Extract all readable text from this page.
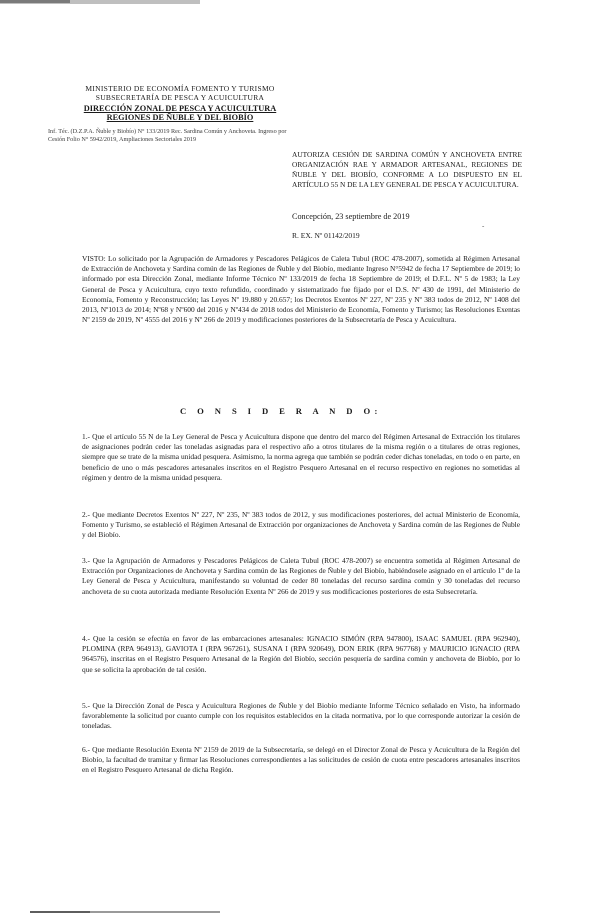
MINISTERIO DE ECONOMÍA FOMENTO Y TURISMO
SUBSECRETARÍA DE PESCA Y ACUICULTURA
DIRECCIÓN ZONAL DE PESCA Y ACUICULTURA
REGIONES DE ÑUBLE Y DEL BIOBÍO
Inf. Téc. (D.Z.P.A. Ñuble y Biobío) N° 133/2019 Rec. Sardina Común y Anchoveta. Ingreso por Cesión Folio N° 5942/2019, Ampliaciones Sectoriales 2019
AUTORIZA CESIÓN DE SARDINA COMÚN Y ANCHOVETA ENTRE ORGANIZACIÓN RAE Y ARMADOR ARTESANAL, REGIONES DE ÑUBLE Y DEL BIOBÍO, CONFORME A LO DISPUESTO EN EL ARTÍCULO 55 N DE LA LEY GENERAL DE PESCA Y ACUICULTURA.
-
Concepción, 23 septiembre de 2019
R. EX. Nº 01142/2019
VISTO: Lo solicitado por la Agrupación de Armadores y Pescadores Pelágicos de Caleta Tubul (ROC 478-2007), sometida al Régimen Artesanal de Extracción de Anchoveta y Sardina común de las Regiones de Ñuble y del Biobío, mediante Ingreso N°5942 de fecha 17 Septiembre de 2019; lo informado por esta Dirección Zonal, mediante Informe Técnico Nº 133/2019 de fecha 18 Septiembre de 2019; el D.F.L. Nº 5 de 1983; la Ley General de Pesca y Acuicultura, cuyo texto refundido, coordinado y sistematizado fue fijado por el D.S. Nº 430 de 1991, del Ministerio de Economía, Fomento y Reconstrucción; las Leyes Nº 19.880 y 20.657; los Decretos Exentos Nº 227, Nº 235 y Nº 383 todos de 2012, Nº 1408 del 2013, Nº1013 de 2014; Nº68 y Nº600 del 2016 y Nº434 de 2018 todos del Ministerio de Economía, Fomento y Turismo; las Resoluciones Exentas Nº 2159 de 2019, Nº 4555 del 2016 y Nº 266 de 2019 y modificaciones posteriores de la Subsecretaría de Pesca y Acuicultura.
C O N S I D E R A N D O:
1.- Que el artículo 55 N de la Ley General de Pesca y Acuicultura dispone que dentro del marco del Régimen Artesanal de Extracción los titulares de asignaciones podrán ceder las toneladas asignadas para el respectivo año a otros titulares de la misma región o a titulares de otras regiones, siempre que se trate de la misma unidad pesquera. Asimismo, la norma agrega que también se podrán ceder dichas toneladas, en todo o en parte, en beneficio de uno o más pescadores artesanales inscritos en el Registro Pesquero Artesanal en el recurso respectivo en regiones no sometidas al régimen y dentro de la misma unidad pesquera.
2.- Que mediante Decretos Exentos Nº 227, Nº 235, Nº 383 todos de 2012, y sus modificaciones posteriores, del actual Ministerio de Economía, Fomento y Turismo, se estableció el Régimen Artesanal de Extracción por organizaciones de Anchoveta y Sardina común de las Regiones de Ñuble y del Biobío.
3.- Que la Agrupación de Armadores y Pescadores Pelágicos de Caleta Tubul (ROC 478-2007) se encuentra sometida al Régimen Artesanal de Extracción por Organizaciones de Anchoveta y Sardina común de las Regiones de Ñuble y del Biobío, habiéndosele asignado en el artículo 1º de la Ley General de Pesca y Acuicultura, manifestando su voluntad de ceder 80 toneladas del recurso sardina común y 30 toneladas del recurso anchoveta de su cuota autorizada mediante Resolución Exenta Nº 266 de 2019 y sus modificaciones posteriores de esta Subsecretaría.
4.- Que la cesión se efectúa en favor de las embarcaciones artesanales: IGNACIO SIMÓN (RPA 947800), ISAAC SAMUEL (RPA 962940), PLOMINA (RPA 964913), GAVIOTA I (RPA 967261), SUSANA I (RPA 920649), DON ERIK (RPA 967768) y MAURICIO IGNACIO (RPA 964576), inscritas en el Registro Pesquero Artesanal de la Región del Biobío, sección pesquería de sardina común y anchoveta de Biobío, por lo que se solicita la aprobación de tal cesión.
5.- Que la Dirección Zonal de Pesca y Acuicultura Regiones de Ñuble y del Biobío mediante Informe Técnico señalado en Visto, ha informado favorablemente la solicitud por cuanto cumple con los requisitos establecidos en la citada normativa, por lo que corresponde autorizar la cesión de toneladas.
6.- Que mediante Resolución Exenta Nº 2159 de 2019 de la Subsecretaría, se delegó en el Director Zonal de Pesca y Acuicultura de la Región del Biobío, la facultad de tramitar y firmar las Resoluciones correspondientes a las solicitudes de cesión de cuota entre pescadores artesanales inscritos en el Registro Pesquero Artesanal de dicha Región.
